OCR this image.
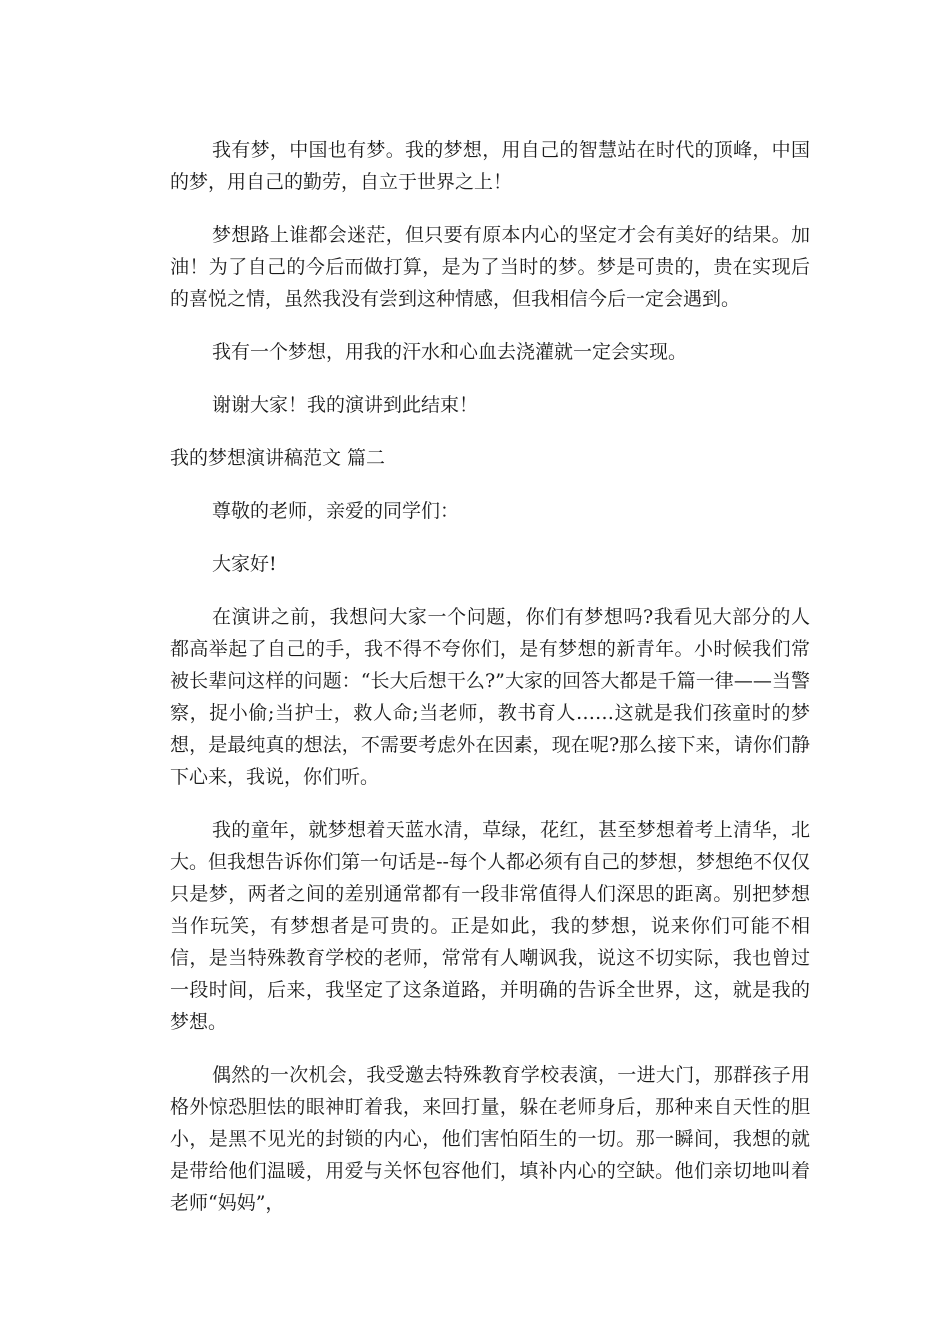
我有梦，中国也有梦。我的梦想，用自己的智慧站在时代的顶峰，中国的梦，用自己的勤劳，自立于世界之上！

梦想路上谁都会迷茫，但只要有原本内心的坚定才会有美好的结果。加油！为了自己的今后而做打算，是为了当时的梦。梦是可贵的，贵在实现后的喜悦之情，虽然我没有尝到这种情感，但我相信今后一定会遇到。

我有一个梦想，用我的汗水和心血去浇灌就一定会实现。

谢谢大家！我的演讲到此结束！

我的梦想演讲稿范文 篇二

尊敬的老师，亲爱的同学们：

大家好!

在演讲之前，我想问大家一个问题，你们有梦想吗?我看见大部分的人都高举起了自己的手，我不得不夸你们，是有梦想的新青年。小时候我们常被长辈问这样的问题：“长大后想干么?”大家的回答大都是千篇一律——当警察，捉小偷;当护士，救人命;当老师，教书育人……这就是我们孩童时的梦想，是最纯真的想法，不需要考虑外在因素，现在呢?那么接下来，请你们静下心来，我说，你们听。

我的童年，就梦想着天蓝水清，草绿，花红，甚至梦想着考上清华，北大。但我想告诉你们第一句话是--每个人都必须有自己的梦想，梦想绝不仅仅只是梦，两者之间的差别通常都有一段非常值得人们深思的距离。别把梦想当作玩笑，有梦想者是可贵的。正是如此，我的梦想，说来你们可能不相信，是当特殊教育学校的老师，常常有人嘲讽我，说这不切实际，我也曾过一段时间，后来，我坚定了这条道路，并明确的告诉全世界，这，就是我的梦想。

偶然的一次机会，我受邀去特殊教育学校表演，一进大门，那群孩子用格外惊恐胆怯的眼神盯着我，来回打量，躲在老师身后，那种来自天性的胆小，是黑不见光的封锁的内心，他们害怕陌生的一切。那一瞬间，我想的就是带给他们温暖，用爱与关怀包容他们，填补内心的空缺。他们亲切地叫着老师“妈妈”，
